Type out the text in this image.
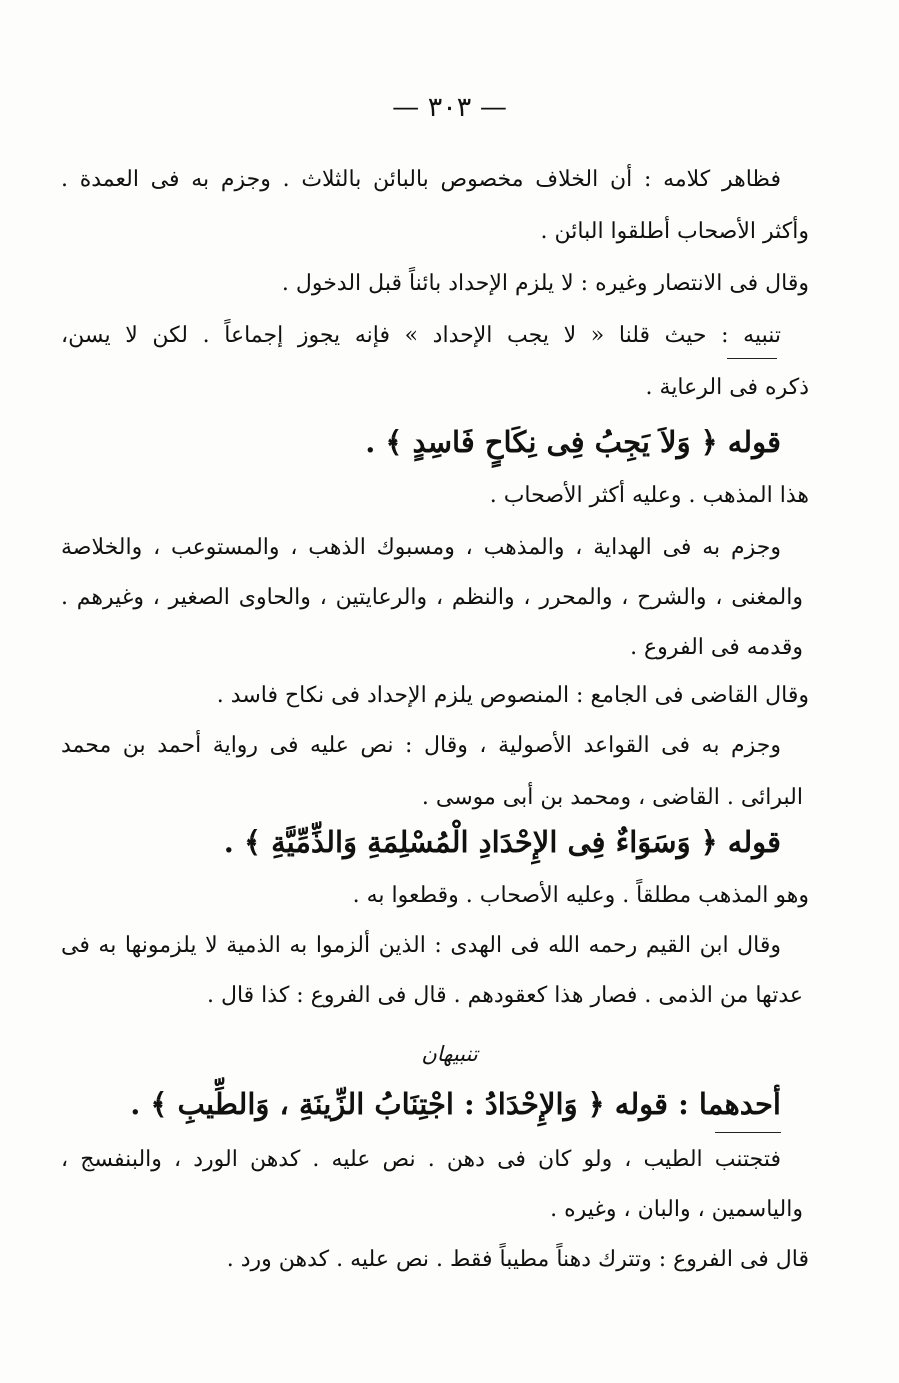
— ٣٠٣ —
فظاهر كلامه : أن الخلاف مخصوص بالبائن بالثلاث . وجزم به فى العمدة .
وأكثر الأصحاب أطلقوا البائن .
وقال فى الانتصار وغيره : لا يلزم الإحداد بائناً قبل الدخول .
تنبيه : حيث قلنا « لا يجب الإحداد » فإنه يجوز إجماعاً . لكن لا يسن،
ذكره فى الرعاية .
قوله ﴿ وَلاَ يَجِبُ فِى نِكَاحٍ فَاسِدٍ ﴾ .
هذا المذهب . وعليه أكثر الأصحاب .
وجزم به فى الهداية ، والمذهب ، ومسبوك الذهب ، والمستوعب ، والخلاصة
والمغنى ، والشرح ، والمحرر ، والنظم ، والرعايتين ، والحاوى الصغير ، وغيرهم .
وقدمه فى الفروع .
وقال القاضى فى الجامع : المنصوص يلزم الإحداد فى نكاح فاسد .
وجزم به فى القواعد الأصولية ، وقال : نص عليه فى رواية أحمد بن محمد
البرائى . القاضى ، ومحمد بن أبى موسى .
قوله ﴿ وَسَوَاءٌ فِى الإِحْدَادِ الْمُسْلِمَةِ وَالذِّمِّيَّةِ ﴾ .
وهو المذهب مطلقاً . وعليه الأصحاب . وقطعوا به .
وقال ابن القيم رحمه الله فى الهدى : الذين ألزموا به الذمية لا يلزمونها به فى
عدتها من الذمى . فصار هذا كعقودهم . قال فى الفروع : كذا قال .
تنبيهان
أحدهما : قوله ﴿ وَالإِحْدَادُ : اجْتِنَابُ الزِّينَةِ ، وَالطِّيبِ ﴾ .
فتجتنب الطيب ، ولو كان فى دهن . نص عليه . كدهن الورد ، والبنفسج ،
والياسمين ، والبان ، وغيره .
قال فى الفروع : وتترك دهناً مطيباً فقط . نص عليه . كدهن ورد .
